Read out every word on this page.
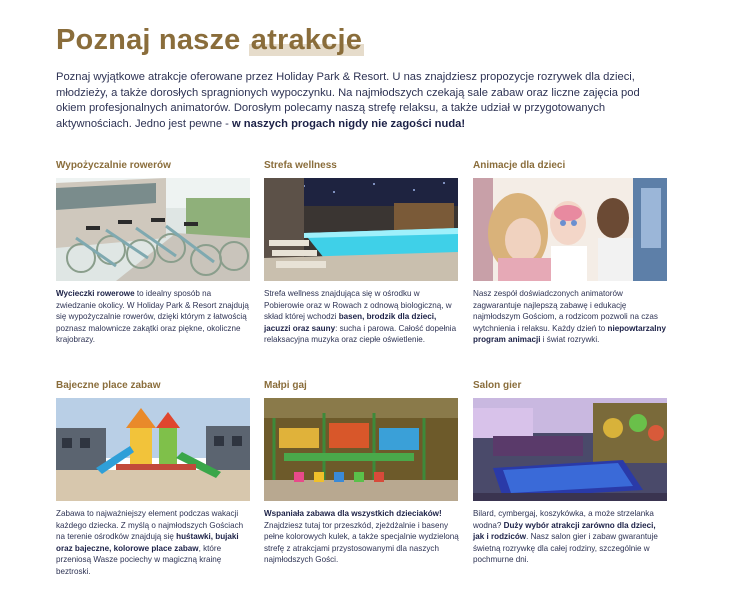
Poznaj nasze atrakcje

Poznaj wyjątkowe atrakcje oferowane przez Holiday Park & Resort. U nas znajdziesz propozycje rozrywek dla dzieci, młodzieży, a także dorosłych spragnionych wypoczynku. Na najmłodszych czekają sale zabaw oraz liczne zajęcia pod okiem profesjonalnych animatorów. Dorosłym polecamy naszą strefę relaksu, a także udział w przygotowanych aktywnościach. Jedno jest pewne - w naszych progach nigdy nie zagości nuda!

Wypożyczalnie rowerów

Wycieczki rowerowe to idealny sposób na zwiedzanie okolicy. W Holiday Park & Resort znajdują się wypożyczalnie rowerów, dzięki którym z łatwością poznasz malownicze zakątki oraz piękne, okoliczne krajobrazy.

Strefa wellness

Strefa wellness znajdująca się w ośrodku w Pobierowie oraz w Rowach z odnową biologiczną, w skład której wchodzi basen, brodzik dla dzieci, jacuzzi oraz sauny: sucha i parowa. Całość dopełnia relaksacyjna muzyka oraz ciepłe oświetlenie.

Animacje dla dzieci

Nasz zespół doświadczonych animatorów zagwarantuje najlepszą zabawę i edukację najmłodszym Gościom, a rodzicom pozwoli na czas wytchnienia i relaksu. Każdy dzień to niepowtarzalny program animacji i świat rozrywki.

Bajeczne place zabaw

Zabawa to najważniejszy element podczas wakacji każdego dziecka. Z myślą o najmłodszych Gościach na terenie ośrodków znajdują się huśtawki, bujaki oraz bajeczne, kolorowe place zabaw, które przeniosą Wasze pociechy w magiczną krainę beztroski.

Małpi gaj

Wspaniała zabawa dla wszystkich dzieciaków! Znajdziesz tutaj tor przeszkód, zjeżdżalnie i baseny pełne kolorowych kulek, a także specjalnie wydzieloną strefę z atrakcjami przystosowanymi dla naszych najmłodszych Gości.

Salon gier

Bilard, cymbergaj, koszykówka, a może strzelanka wodna? Duży wybór atrakcji zarówno dla dzieci, jak i rodziców. Nasz salon gier i zabaw gwarantuje świetną rozrywkę dla całej rodziny, szczególnie w pochmurne dni.
